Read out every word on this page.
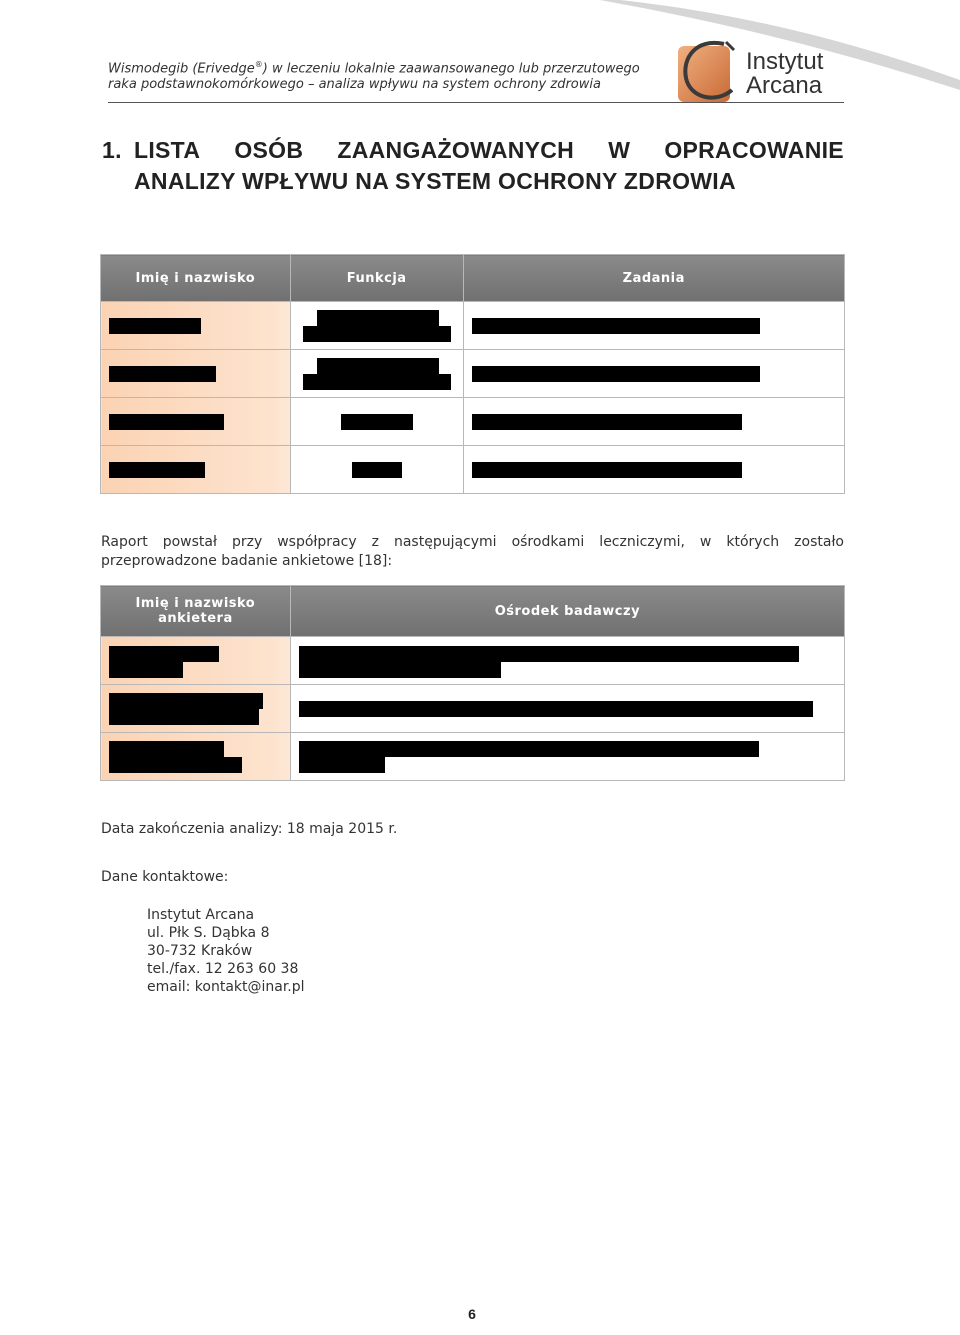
Wismodegib (Erivedge®) w leczeniu lokalnie zaawansowanego lub przerzutowego
raka podstawnokomórkowego – analiza wpływu na system ochrony zdrowia
Instytut
Arcana
1. LISTA OSÓB ZAANGAŻOWANYCH W OPRACOWANIE
ANALIZY WPŁYWU NA SYSTEM OCHRONY ZDROWIA
Imię i nazwisko	Funkcja	Zadania

Raport powstał przy współpracy z następującymi ośrodkami leczniczymi, w których zostało przeprowadzone badanie ankietowe [18]:
Imię i nazwisko
ankietera	Ośrodek badawczy

Data zakończenia analizy: 18 maja 2015 r.
Dane kontaktowe:
Instytut Arcana
ul. Płk S. Dąbka 8
30-732 Kraków
tel./fax. 12 263 60 38
email: kontakt@inar.pl
6
